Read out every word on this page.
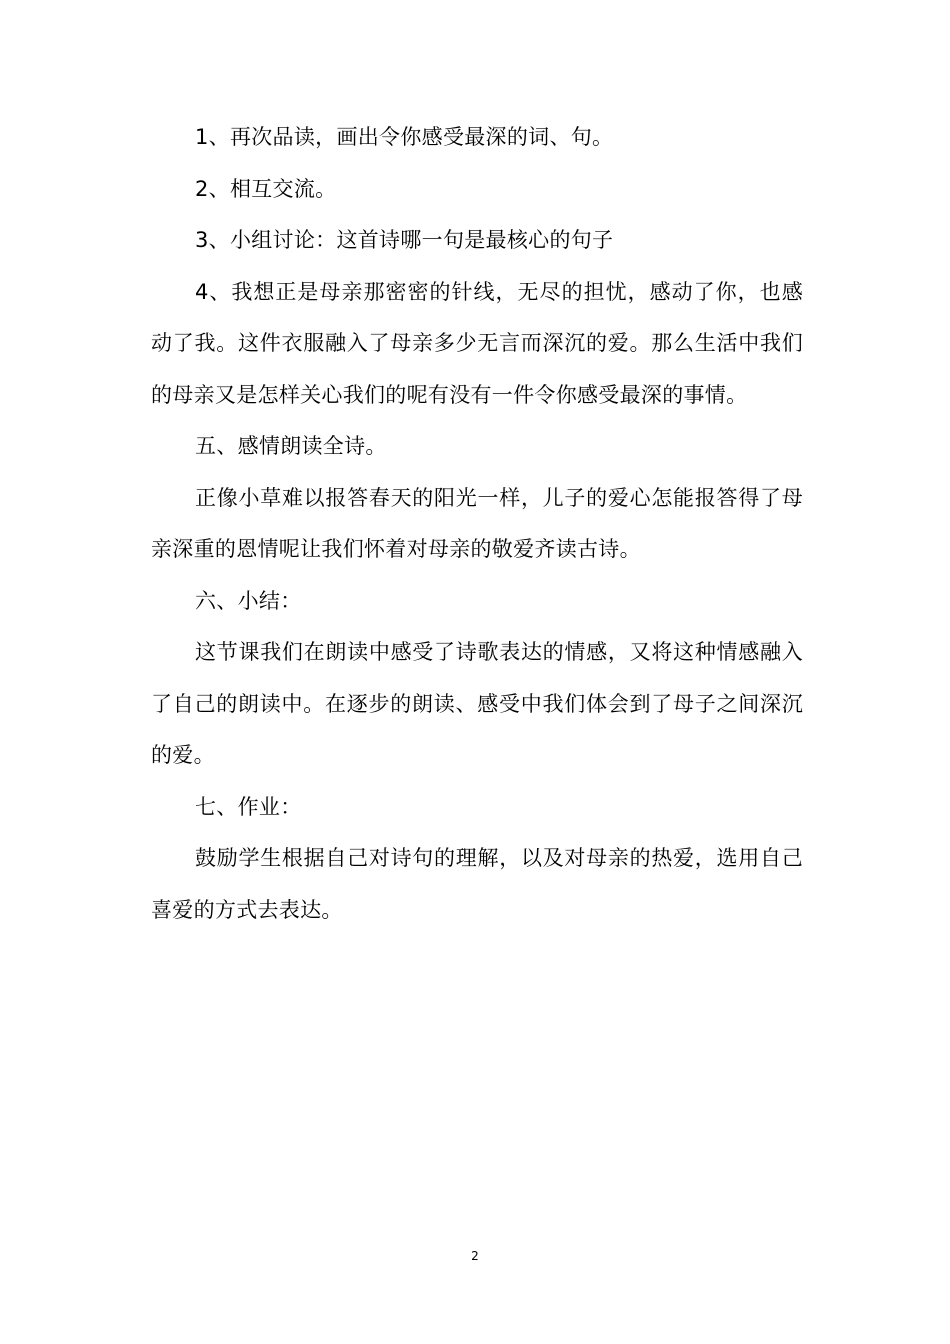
1、再次品读，画出令你感受最深的词、句。

2、相互交流。

3、小组讨论：这首诗哪一句是最核心的句子

4、我想正是母亲那密密的针线，无尽的担忧，感动了你，也感动了我。这件衣服融入了母亲多少无言而深沉的爱。那么生活中我们的母亲又是怎样关心我们的呢有没有一件令你感受最深的事情。

五、感情朗读全诗。

正像小草难以报答春天的阳光一样，儿子的爱心怎能报答得了母亲深重的恩情呢让我们怀着对母亲的敬爱齐读古诗。

六、小结：

这节课我们在朗读中感受了诗歌表达的情感，又将这种情感融入了自己的朗读中。在逐步的朗读、感受中我们体会到了母子之间深沉的爱。

七、作业：

鼓励学生根据自己对诗句的理解，以及对母亲的热爱，选用自己喜爱的方式去表达。

2
